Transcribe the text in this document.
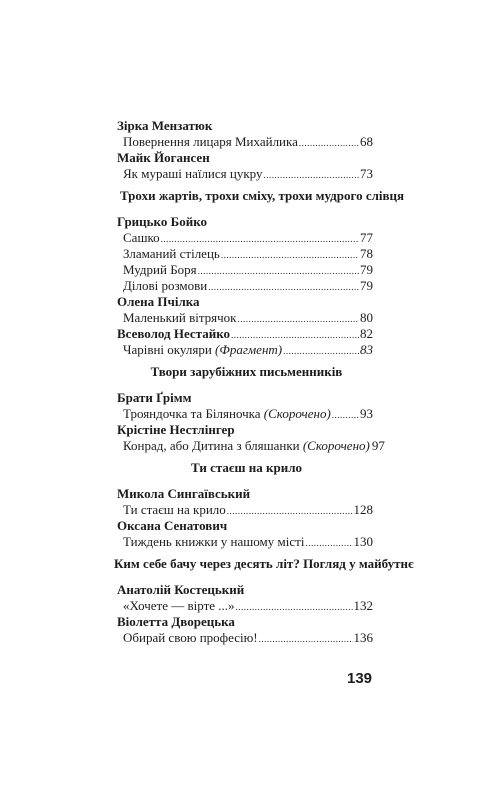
Зірка Мензатюк
Повернення лицаря Михайлика .....	68
Майк Йогансен
Як мураші наїлися цукру .....	73
Трохи жартів, трохи сміху, трохи мудрого слівця
Грицько Бойко
Сашко .....	77
Зламаний стілець .....	78
Мудрий Боря .....	79
Ділові розмови .....	79
Олена Пчілка
Маленький вітрячок .....	80
Всеволод Нестайко .....	82
Чарівні окуляри (Фрагмент) .....	83
Твори зарубіжних письменників
Брати Ґрімм
Трояндочка та Біляночка (Скорочено) ..... 93
Крістіне Нестлінгер
Конрад, або Дитина з бляшанки (Скорочено) 97
Ти стаєш на крило
Микола Сингаївський
Ти стаєш на крило .....	128
Оксана Сенатович
Тиждень книжки у нашому місті .....	130
Ким себе бачу через десять літ? Погляд у майбутнє
Анатолій Костецький
«Хочете — вірте ...» .....	132
Віолетта Дворецька
Обирай свою професію! .....	136
139
